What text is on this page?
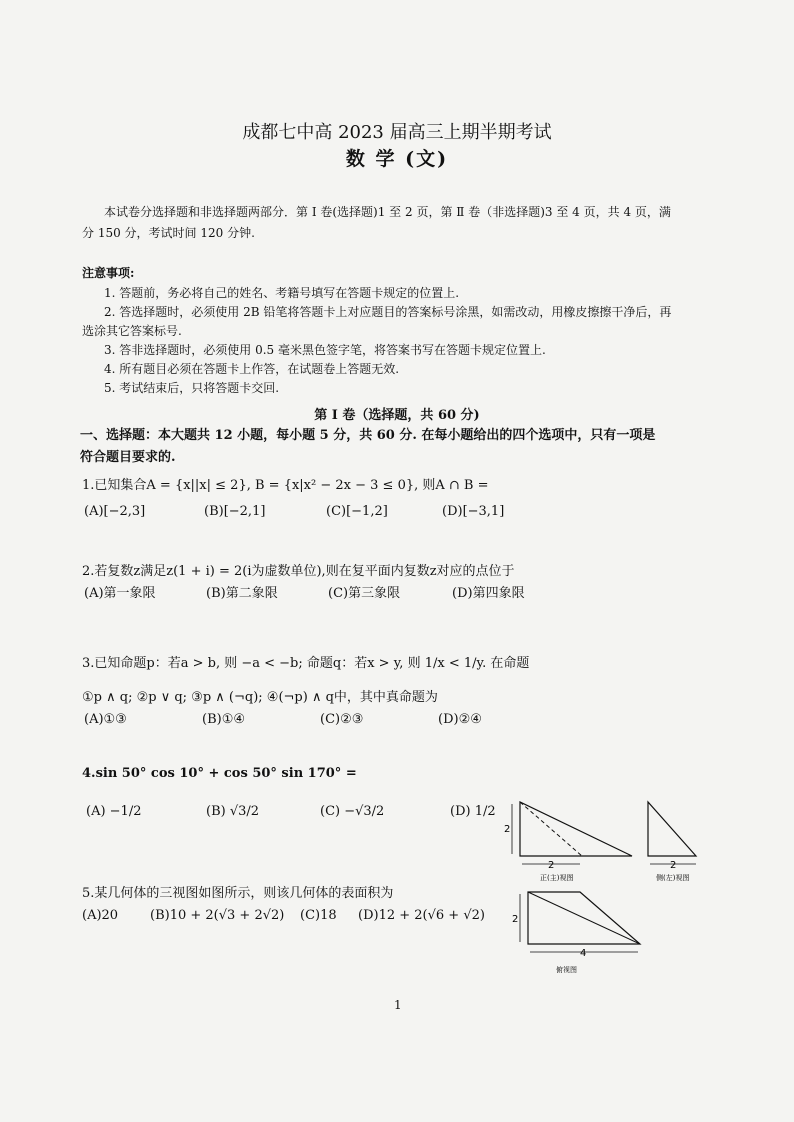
成都七中高 2023 届高三上期半期考试
数 学 (文)
本试卷分选择题和非选择题两部分．第 Ⅰ 卷(选择题)1 至 2 页，第 Ⅱ 卷（非选择题)3 至 4 页，共 4 页，满
分 150 分，考试时间 120 分钟.
注意事项:
1. 答题前，务必将自己的姓名、考籍号填写在答题卡规定的位置上.
2. 答选择题时，必须使用 2B 铅笔将答题卡上对应题目的答案标号涂黑，如需改动，用橡皮擦擦干净后，再
选涂其它答案标号.
3. 答非选择题时，必须使用 0.5 毫米黑色签字笔，将答案书写在答题卡规定位置上.
4. 所有题目必须在答题卡上作答，在试题卷上答题无效.
5. 考试结束后，只将答题卡交回.
第 Ⅰ 卷（选择题，共 60 分)
一、选择题：本大题共 12 小题，每小题 5 分，共 60 分. 在每小题给出的四个选项中，只有一项是
符合题目要求的.
1.已知集合A = {x||x| ≤ 2}, B = {x|x² − 2x − 3 ≤ 0}, 则A ∩ B =
(A)[−2,3]	(B)[−2,1]	(C)[−1,2]	(D)[−3,1]
2.若复数z满足z(1 + i) = 2(i为虚数单位),则在复平面内复数z对应的点位于
(A)第一象限	(B)第二象限	(C)第三象限	(D)第四象限
3.已知命题p：若a > b, 则 −a < −b; 命题q：若x > y, 则 1/x < 1/y. 在命题
①p ∧ q; ②p ∨ q; ③p ∧ (¬q); ④(¬p) ∧ q中，其中真命题为
(A)①③	(B)①④	(C)②③	(D)②④
4.sin 50° cos 10° + cos 50° sin 170° =
(A) −1/2	(B) √3/2	(C) −√3/2	(D) 1/2
5.某几何体的三视图如图所示，则该几何体的表面积为
(A)20 (B)10 + 2(√3 + 2√2) (C)18 (D)12 + 2(√6 + √2)
2
2
正(主)视图
2
侧(左)视图
2
4
俯视图
1
